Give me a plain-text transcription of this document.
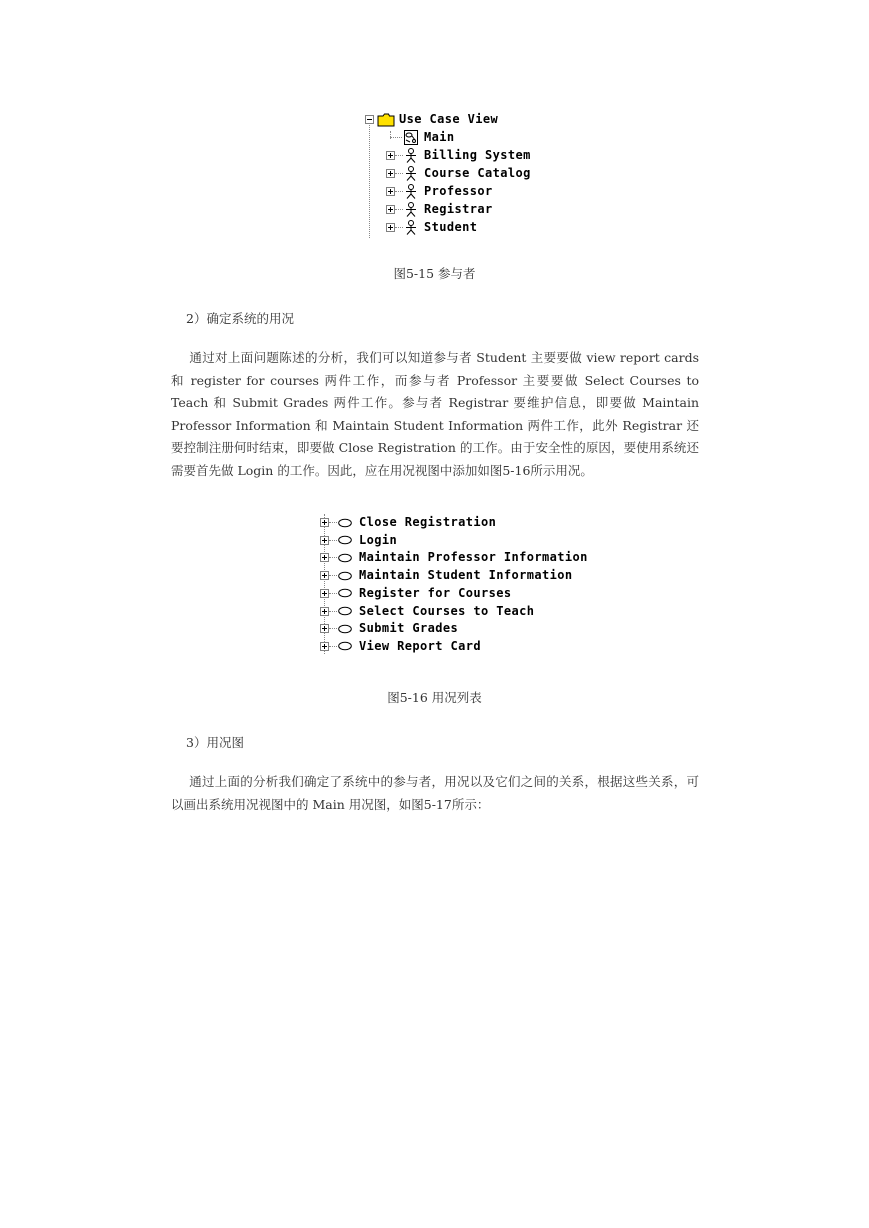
Use Case View
Main
Billing System
Course Catalog
Professor
Registrar
Student
图5-15 参与者
2）确定系统的用况

通过对上面问题陈述的分析，我们可以知道参与者 Student 主要要做 view report cards 和 register for courses 两件工作，而参与者 Professor 主要要做 Select Courses to Teach 和 Submit Grades 两件工作。参与者 Registrar 要维护信息，即要做 Maintain Professor Information 和 Maintain Student Information 两件工作，此外 Registrar 还要控制注册何时结束，即要做 Close Registration 的工作。由于安全性的原因，要使用系统还需要首先做 Login 的工作。因此，应在用况视图中添加如图5-16所示用况。

Close Registration
Login
Maintain Professor Information
Maintain Student Information
Register for Courses
Select Courses to Teach
Submit Grades
View Report Card
图5-16 用况列表
3）用况图

通过上面的分析我们确定了系统中的参与者，用况以及它们之间的关系，根据这些关系，可以画出系统用况视图中的 Main 用况图，如图5-17所示：
